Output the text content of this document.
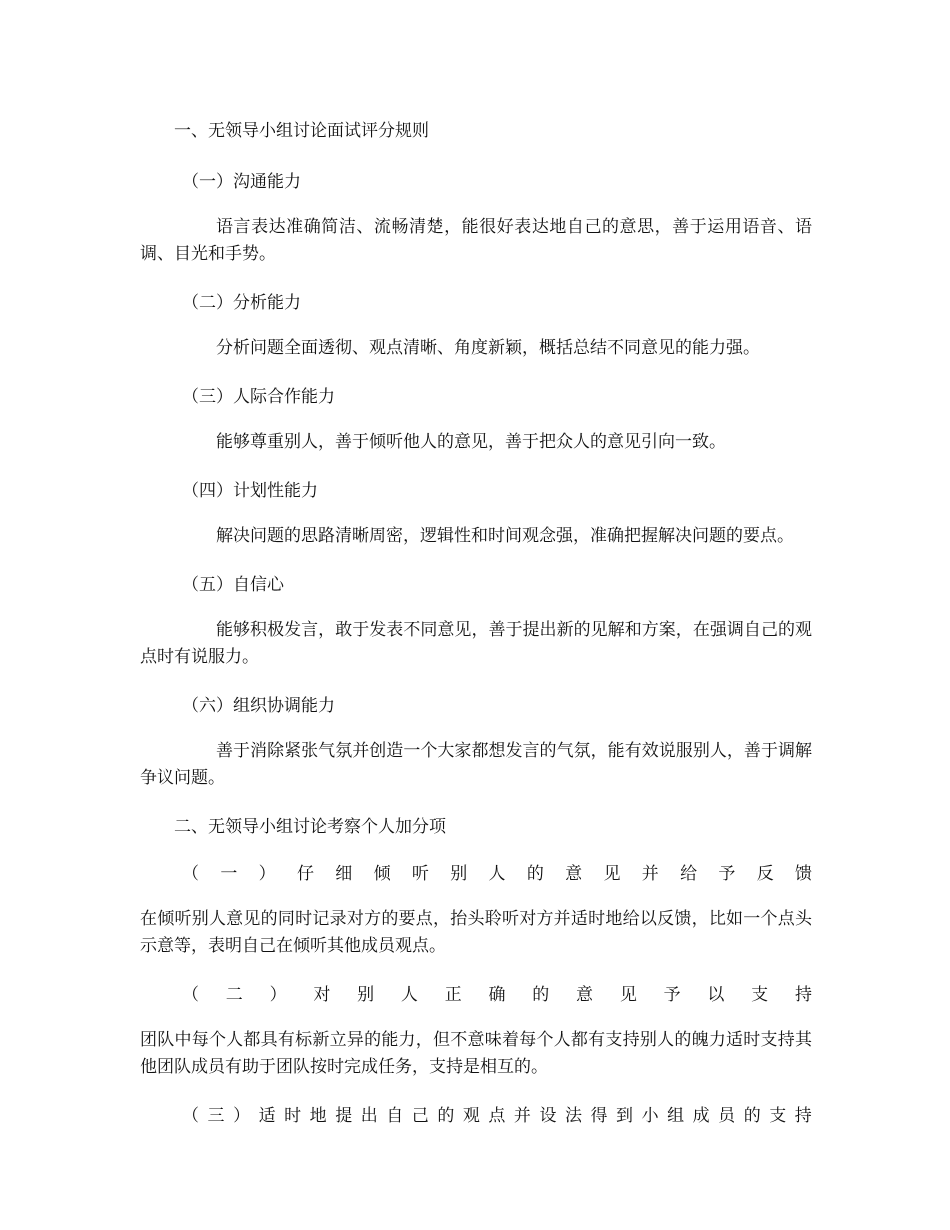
一、无领导小组讨论面试评分规则

（一）沟通能力

语言表达准确简洁、流畅清楚，能很好表达地自己的意思，善于运用语音、语调、目光和手势。

（二）分析能力

分析问题全面透彻、观点清晰、角度新颖，概括总结不同意见的能力强。

（三）人际合作能力

能够尊重别人，善于倾听他人的意见，善于把众人的意见引向一致。

（四）计划性能力

解决问题的思路清晰周密，逻辑性和时间观念强，准确把握解决问题的要点。

（五）自信心

能够积极发言，敢于发表不同意见，善于提出新的见解和方案，在强调自己的观点时有说服力。

（六）组织协调能力

善于消除紧张气氛并创造一个大家都想发言的气氛，能有效说服别人，善于调解争议问题。

二、无领导小组讨论考察个人加分项

（ 一 ） 仔 细 倾 听 别 人 的 意 见 并 给 予 反 馈

在倾听别人意见的同时记录对方的要点，抬头聆听对方并适时地给以反馈，比如一个点头示意等，表明自己在倾听其他成员观点。

（ 二 ） 对 别 人 正 确 的 意 见 予 以 支 持

团队中每个人都具有标新立异的能力，但不意味着每个人都有支持别人的魄力适时支持其他团队成员有助于团队按时完成任务，支持是相互的。

（ 三 ） 适 时 地 提 出 自 己 的 观 点 并 设 法 得 到 小 组 成 员 的 支 持
